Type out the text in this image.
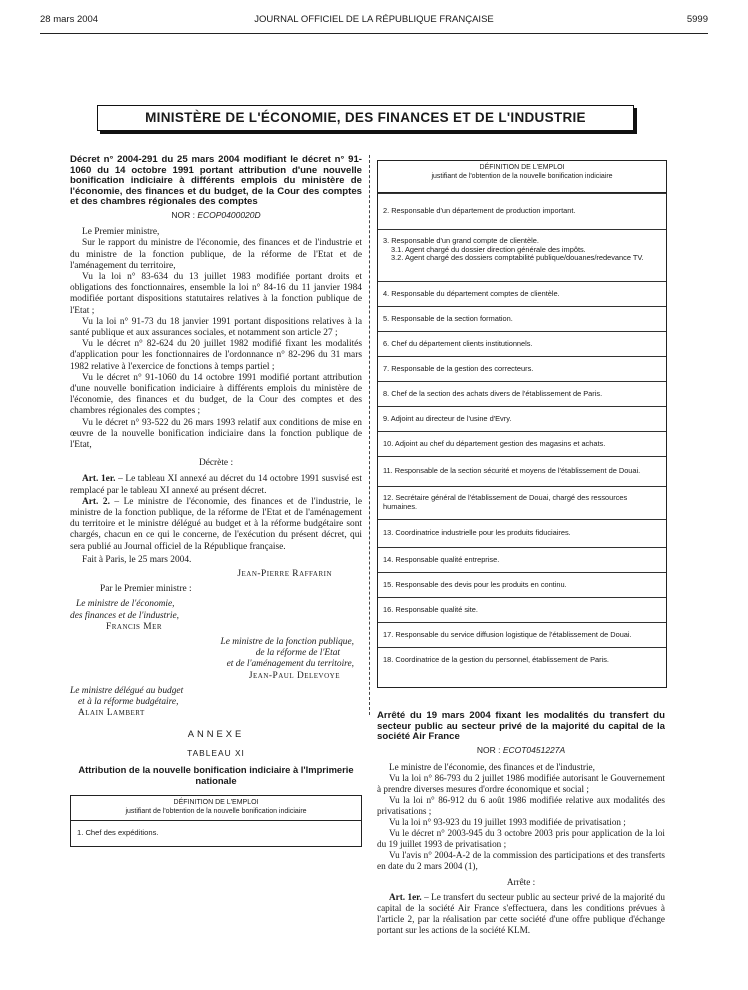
28 mars 2004	JOURNAL OFFICIEL DE LA RÉPUBLIQUE FRANÇAISE	5999
MINISTÈRE DE L'ÉCONOMIE, DES FINANCES ET DE L'INDUSTRIE

Décret n° 2004-291 du 25 mars 2004 modifiant le décret n° 91-1060 du 14 octobre 1991 portant attribution d'une nouvelle bonification indiciaire à différents emplois du ministère de l'économie, des finances et du budget, de la Cour des comptes et des chambres régionales des comptes

NOR : ECOP0400020D

Le Premier ministre,

Sur le rapport du ministre de l'économie, des finances et de l'industrie et du ministre de la fonction publique, de la réforme de l'Etat et de l'aménagement du territoire,

Vu la loi n° 83-634 du 13 juillet 1983 modifiée portant droits et obligations des fonctionnaires, ensemble la loi n° 84-16 du 11 janvier 1984 modifiée portant dispositions statutaires relatives à la fonction publique de l'Etat ;

Vu la loi n° 91-73 du 18 janvier 1991 portant dispositions relatives à la santé publique et aux assurances sociales, et notamment son article 27 ;

Vu le décret n° 82-624 du 20 juillet 1982 modifié fixant les modalités d'application pour les fonctionnaires de l'ordonnance n° 82-296 du 31 mars 1982 relative à l'exercice de fonctions à temps partiel ;

Vu le décret n° 91-1060 du 14 octobre 1991 modifié portant attribution d'une nouvelle bonification indiciaire à différents emplois du ministère de l'économie, des finances et du budget, de la Cour des comptes et des chambres régionales des comptes ;

Vu le décret n° 93-522 du 26 mars 1993 relatif aux conditions de mise en œuvre de la nouvelle bonification indiciaire dans la fonction publique de l'Etat,

Décrète :

Art. 1er. – Le tableau XI annexé au décret du 14 octobre 1991 susvisé est remplacé par le tableau XI annexé au présent décret.

Art. 2. – Le ministre de l'économie, des finances et de l'industrie, le ministre de la fonction publique, de la réforme de l'Etat et de l'aménagement du territoire et le ministre délégué au budget et à la réforme budgétaire sont chargés, chacun en ce qui le concerne, de l'exécution du présent décret, qui sera publié au Journal officiel de la République française.

Fait à Paris, le 25 mars 2004.

Jean-Pierre Raffarin

Par le Premier ministre :

Le ministre de l'économie,

des finances et de l'industrie,

Francis Mer

Le ministre de la fonction publique,

de la réforme de l'Etat

et de l'aménagement du territoire,

Jean-Paul Delevoye

Le ministre délégué au budget

et à la réforme budgétaire,

Alain Lambert

ANNEXE

TABLEAU XI

Attribution de la nouvelle bonification indiciaire à l'Imprimerie nationale

DÉFINITION DE L'EMPLOI
justifiant de l'obtention de la nouvelle bonification indiciaire
1. Chef des expéditions.
DÉFINITION DE L'EMPLOI
justifiant de l'obtention de la nouvelle bonification indiciaire
2. Responsable d'un département de production important.
3. Responsable d'un grand compte de clientèle.
3.1. Agent chargé du dossier direction générale des impôts.
3.2. Agent chargé des dossiers comptabilité publique/douanes/redevance TV.
4. Responsable du département comptes de clientèle.
5. Responsable de la section formation.
6. Chef du département clients institutionnels.
7. Responsable de la gestion des correcteurs.
8. Chef de la section des achats divers de l'établissement de Paris.
9. Adjoint au directeur de l'usine d'Evry.
10. Adjoint au chef du département gestion des magasins et achats.
11. Responsable de la section sécurité et moyens de l'établissement de Douai.
12. Secrétaire général de l'établissement de Douai, chargé des ressources humaines.
13. Coordinatrice industrielle pour les produits fiduciaires.
14. Responsable qualité entreprise.
15. Responsable des devis pour les produits en continu.
16. Responsable qualité site.
17. Responsable du service diffusion logistique de l'établissement de Douai.
18. Coordinatrice de la gestion du personnel, établissement de Paris.

Arrêté du 19 mars 2004 fixant les modalités du transfert du secteur public au secteur privé de la majorité du capital de la société Air France

NOR : ECOT0451227A

Le ministre de l'économie, des finances et de l'industrie,

Vu la loi n° 86-793 du 2 juillet 1986 modifiée autorisant le Gouvernement à prendre diverses mesures d'ordre économique et social ;

Vu la loi n° 86-912 du 6 août 1986 modifiée relative aux modalités des privatisations ;

Vu la loi n° 93-923 du 19 juillet 1993 modifiée de privatisation ;

Vu le décret n° 2003-945 du 3 octobre 2003 pris pour application de la loi du 19 juillet 1993 de privatisation ;

Vu l'avis n° 2004-A-2 de la commission des participations et des transferts en date du 2 mars 2004 (1),

Arrête :

Art. 1er. – Le transfert du secteur public au secteur privé de la majorité du capital de la société Air France s'effectuera, dans les conditions prévues à l'article 2, par la réalisation par cette société d'une offre publique d'échange portant sur les actions de la société KLM.
